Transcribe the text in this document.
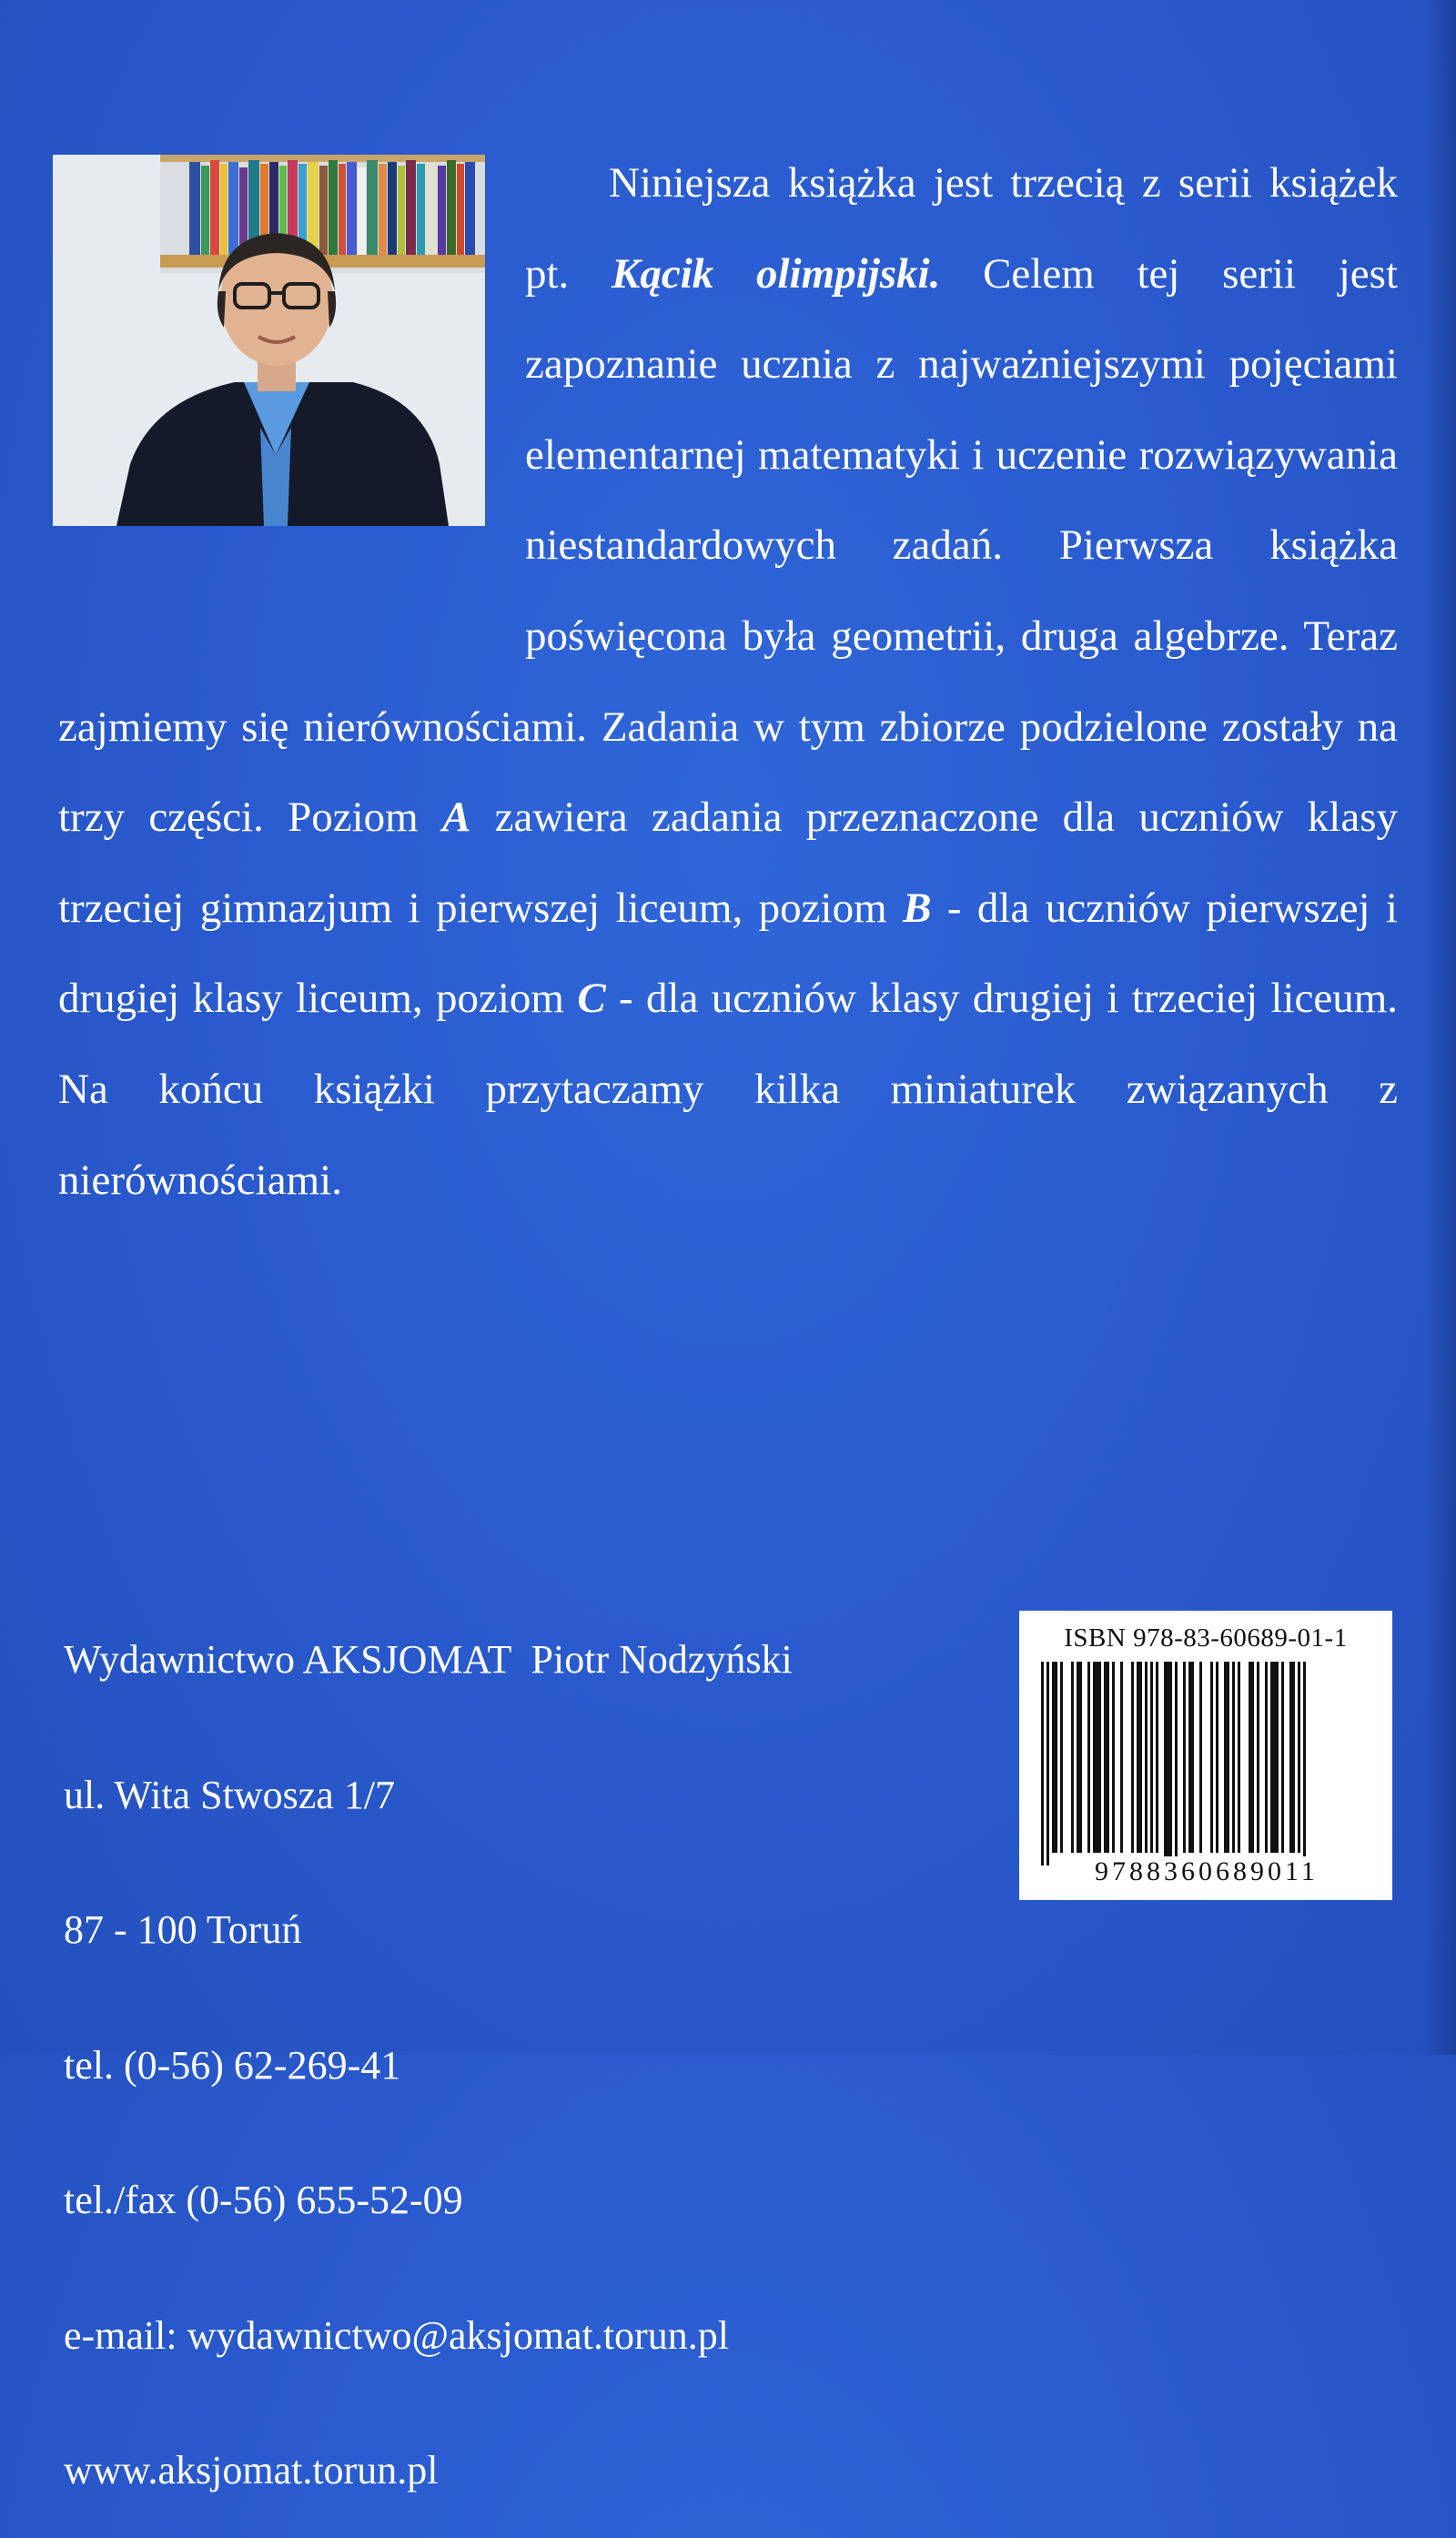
Niniejsza książka jest trzecią z serii książek pt. Kącik olimpijski. Celem tej serii jest zapoznanie ucznia z najważniejszymi pojęciami elementarnej matematyki i uczenie rozwiązywania niestandardowych zadań. Pierwsza książka poświęcona była geometrii, druga algebrze. Teraz zajmiemy się nierównościami. Zadania w tym zbiorze podzielone zostały na trzy części. Poziom A zawiera zadania przeznaczone dla uczniów klasy trzeciej gimnazjum i pierwszej liceum, poziom B - dla uczniów pierwszej i drugiej klasy liceum, poziom C - dla uczniów klasy drugiej i trzeciej liceum. Na końcu książki przytaczamy kilka miniaturek związanych z nierównościami.

Wydawnictwo AKSJOMAT  Piotr Nodzyński

ul. Wita Stwosza 1/7

87 - 100 Toruń

tel. (0-56) 62-269-41

tel./fax (0-56) 655-52-09

e-mail: wydawnictwo@aksjomat.torun.pl

www.aksjomat.torun.pl

ISBN 978-83-60689-01-1
9788360689011
